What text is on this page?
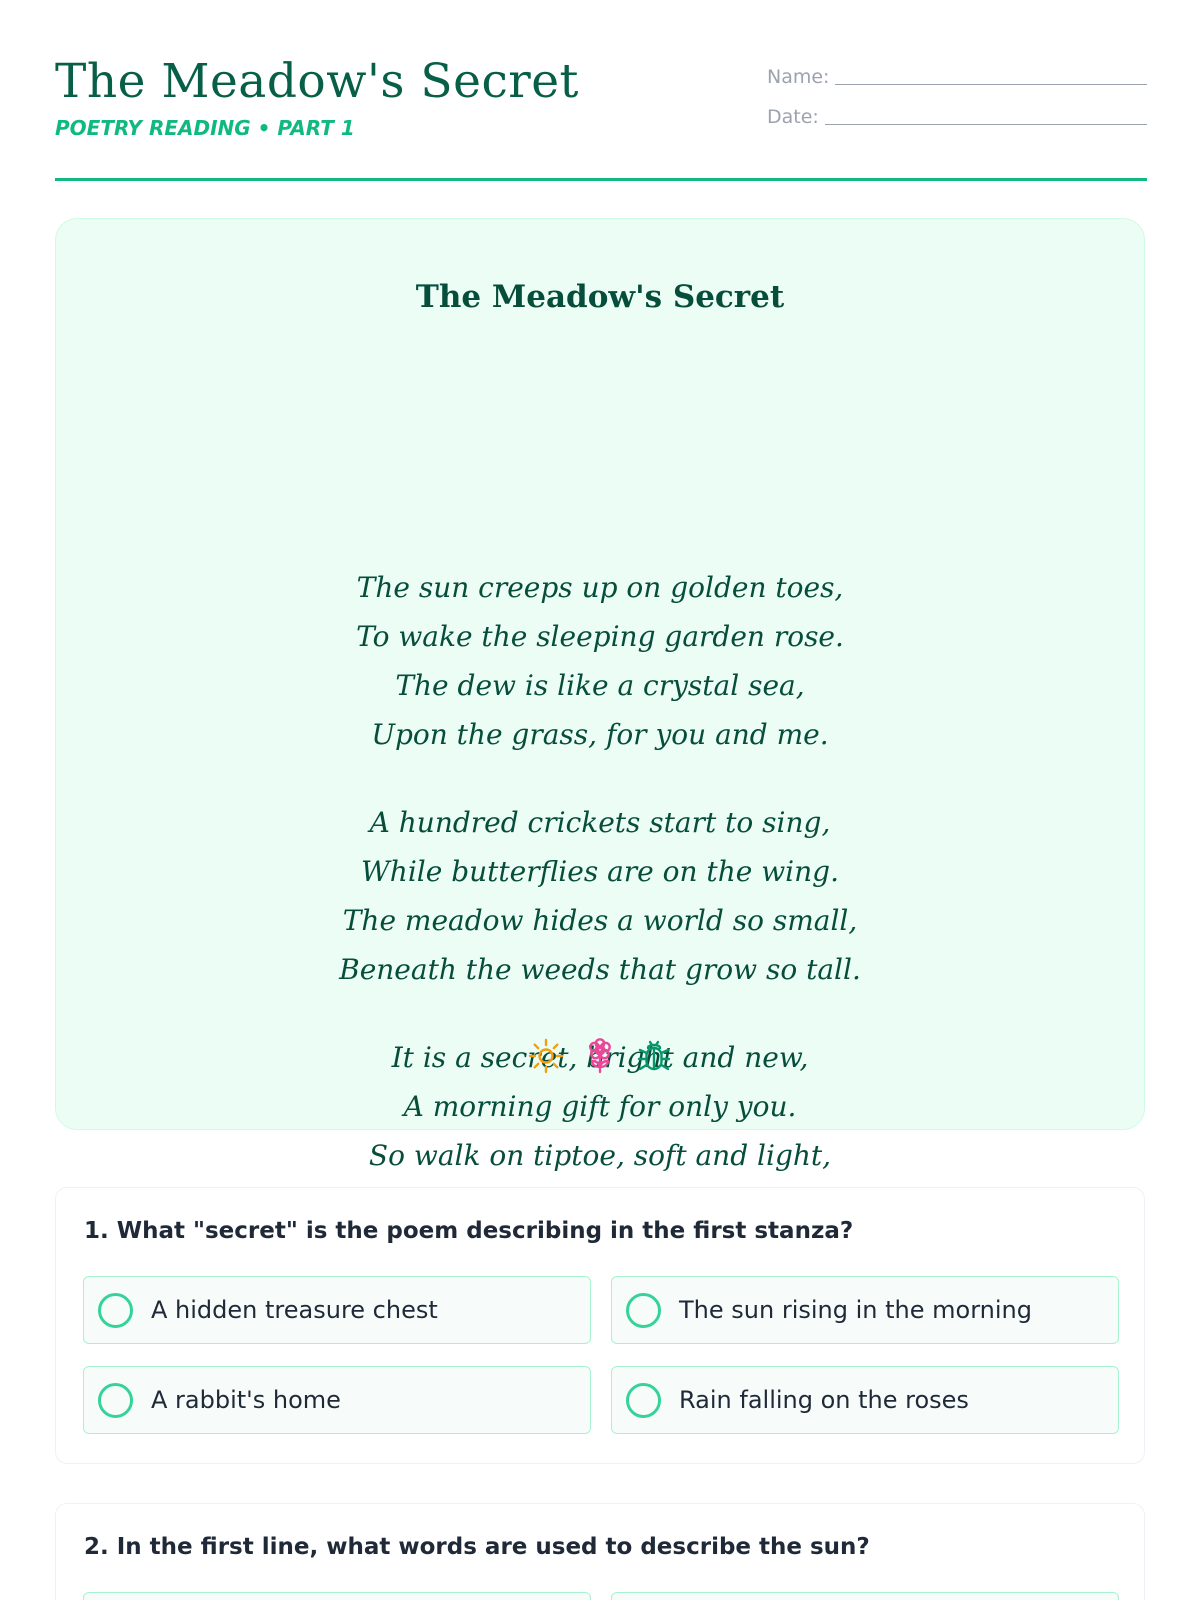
The Meadow's Secret
POETRY READING • PART 1
Name:
Date:
The Meadow's Secret
The sun creeps up on golden toes,
To wake the sleeping garden rose.
The dew is like a crystal sea,
Upon the grass, for you and me.
A hundred crickets start to sing,
While butterflies are on the wing.
The meadow hides a world so small,
Beneath the weeds that grow so tall.
It is a secret, bright and new,
A morning gift for only you.
So walk on tiptoe, soft and light,
1. What "secret" is the poem describing in the first stanza?
A hidden treasure chest	The sun rising in the morning
A rabbit's home	Rain falling on the roses
2. In the first line, what words are used to describe the sun?
